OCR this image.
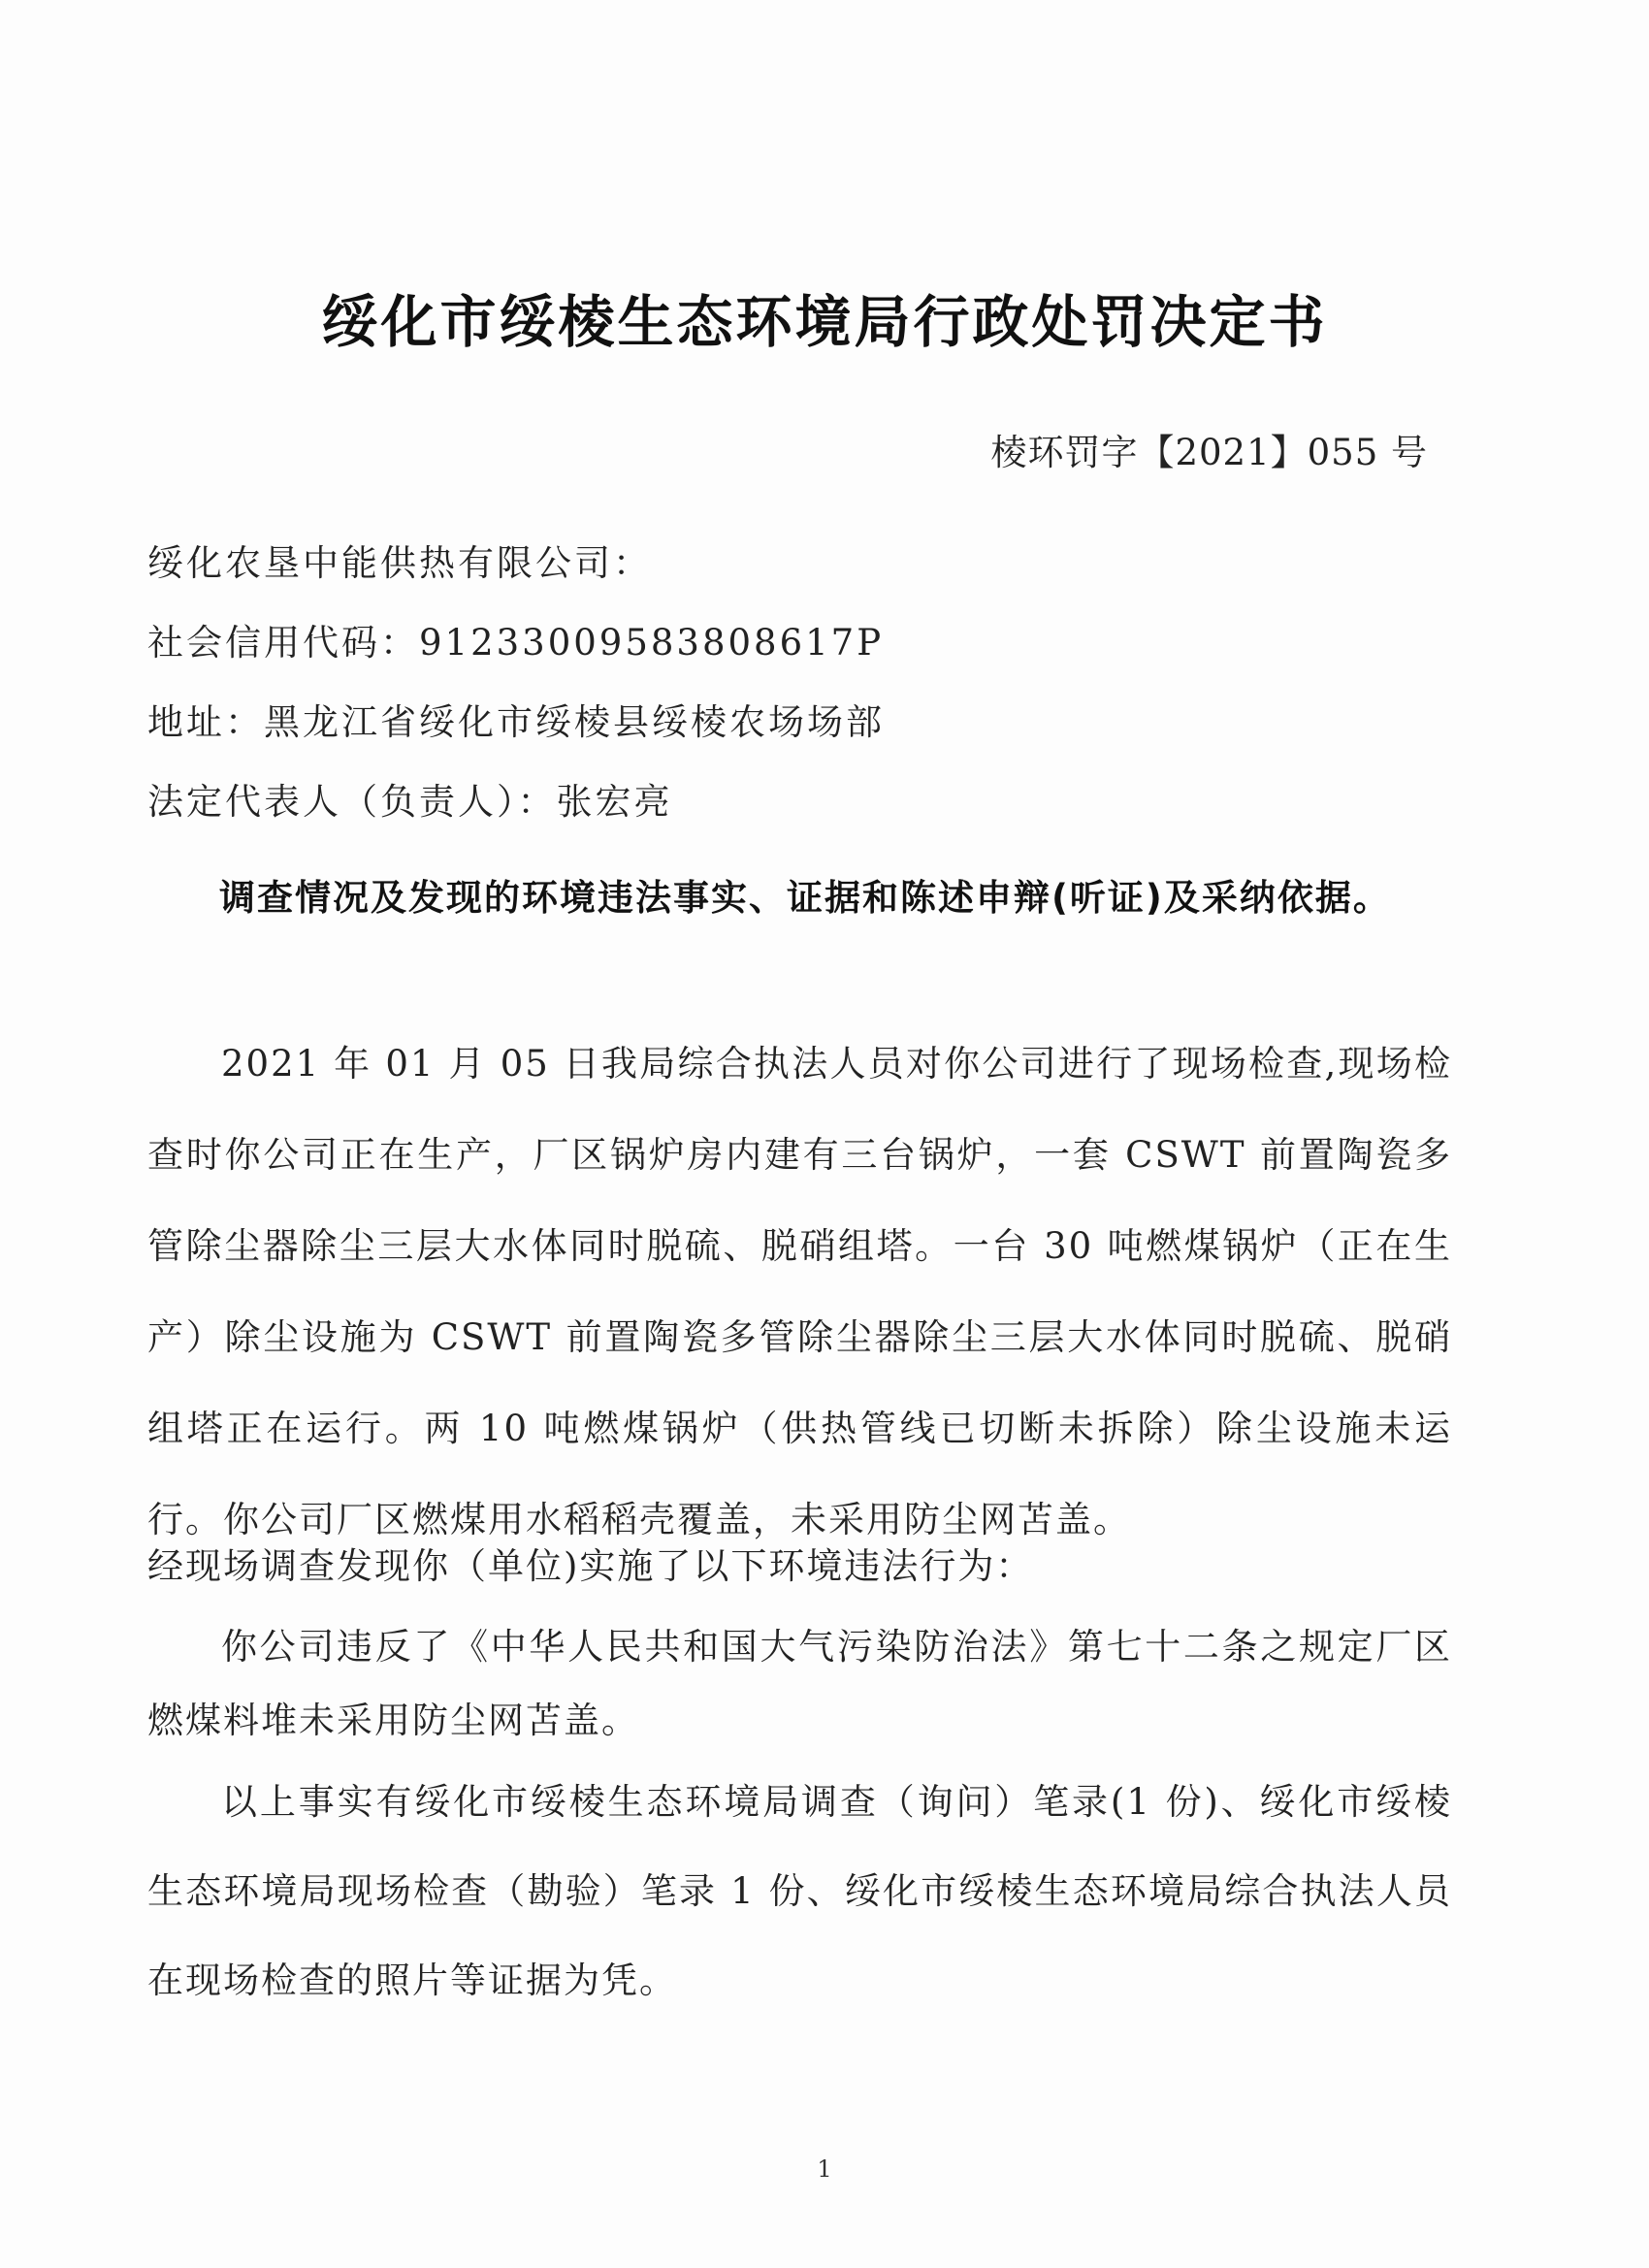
绥化市绥棱生态环境局行政处罚决定书
棱环罚字【2021】055 号
绥化农垦中能供热有限公司：
社会信用代码：91233009583808617P
地址：黑龙江省绥化市绥棱县绥棱农场场部
法定代表人（负责人）：张宏亮
调查情况及发现的环境违法事实、证据和陈述申辩(听证)及采纳依据。
2021 年 01 月 05 日我局综合执法人员对你公司进行了现场检查,现场检查时你公司正在生产，厂区锅炉房内建有三台锅炉，一套 CSWT 前置陶瓷多管除尘器除尘三层大水体同时脱硫、脱硝组塔。一台 30 吨燃煤锅炉（正在生产）除尘设施为 CSWT 前置陶瓷多管除尘器除尘三层大水体同时脱硫、脱硝组塔正在运行。两 10 吨燃煤锅炉（供热管线已切断未拆除）除尘设施未运行。你公司厂区燃煤用水稻稻壳覆盖，未采用防尘网苫盖。
经现场调查发现你（单位)实施了以下环境违法行为：
你公司违反了《中华人民共和国大气污染防治法》第七十二条之规定厂区燃煤料堆未采用防尘网苫盖。
以上事实有绥化市绥棱生态环境局调查（询问）笔录(1 份)、绥化市绥棱生态环境局现场检查（勘验）笔录 1 份、绥化市绥棱生态环境局综合执法人员在现场检查的照片等证据为凭。
1
